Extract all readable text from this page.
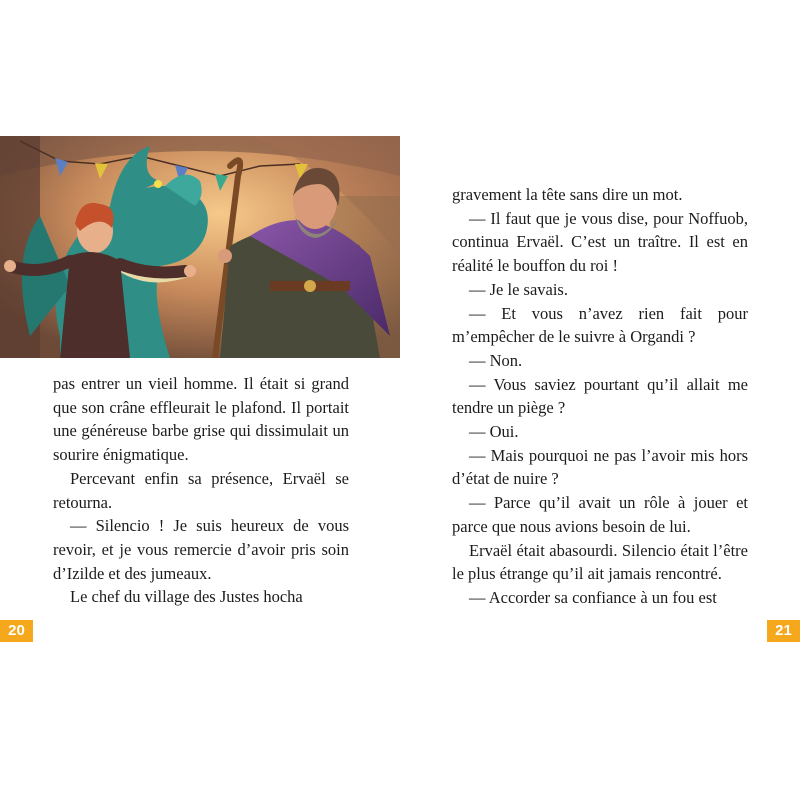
pas entrer un vieil homme. Il était si grand que son crâne effleurait le plafond. Il portait une généreuse barbe grise qui dissimulait un sourire énigmatique.

Percevant enfin sa présence, Ervaël se retourna.

— Silencio ! Je suis heureux de vous revoir, et je vous remercie d’avoir pris soin d’Izilde et des jumeaux.

Le chef du village des Justes hocha

gravement la tête sans dire un mot.

— Il faut que je vous dise, pour Noffuob, continua Ervaël. C’est un traître. Il est en réalité le bouffon du roi !

— Je le savais.

— Et vous n’avez rien fait pour m’empêcher de le suivre à Organdi ?

— Non.

— Vous saviez pourtant qu’il allait me tendre un piège ?

— Oui.

— Mais pourquoi ne pas l’avoir mis hors d’état de nuire ?

— Parce qu’il avait un rôle à jouer et parce que nous avions besoin de lui.

Ervaël était abasourdi. Silencio était l’être le plus étrange qu’il ait jamais rencontré.

— Accorder sa confiance à un fou est

20	21
